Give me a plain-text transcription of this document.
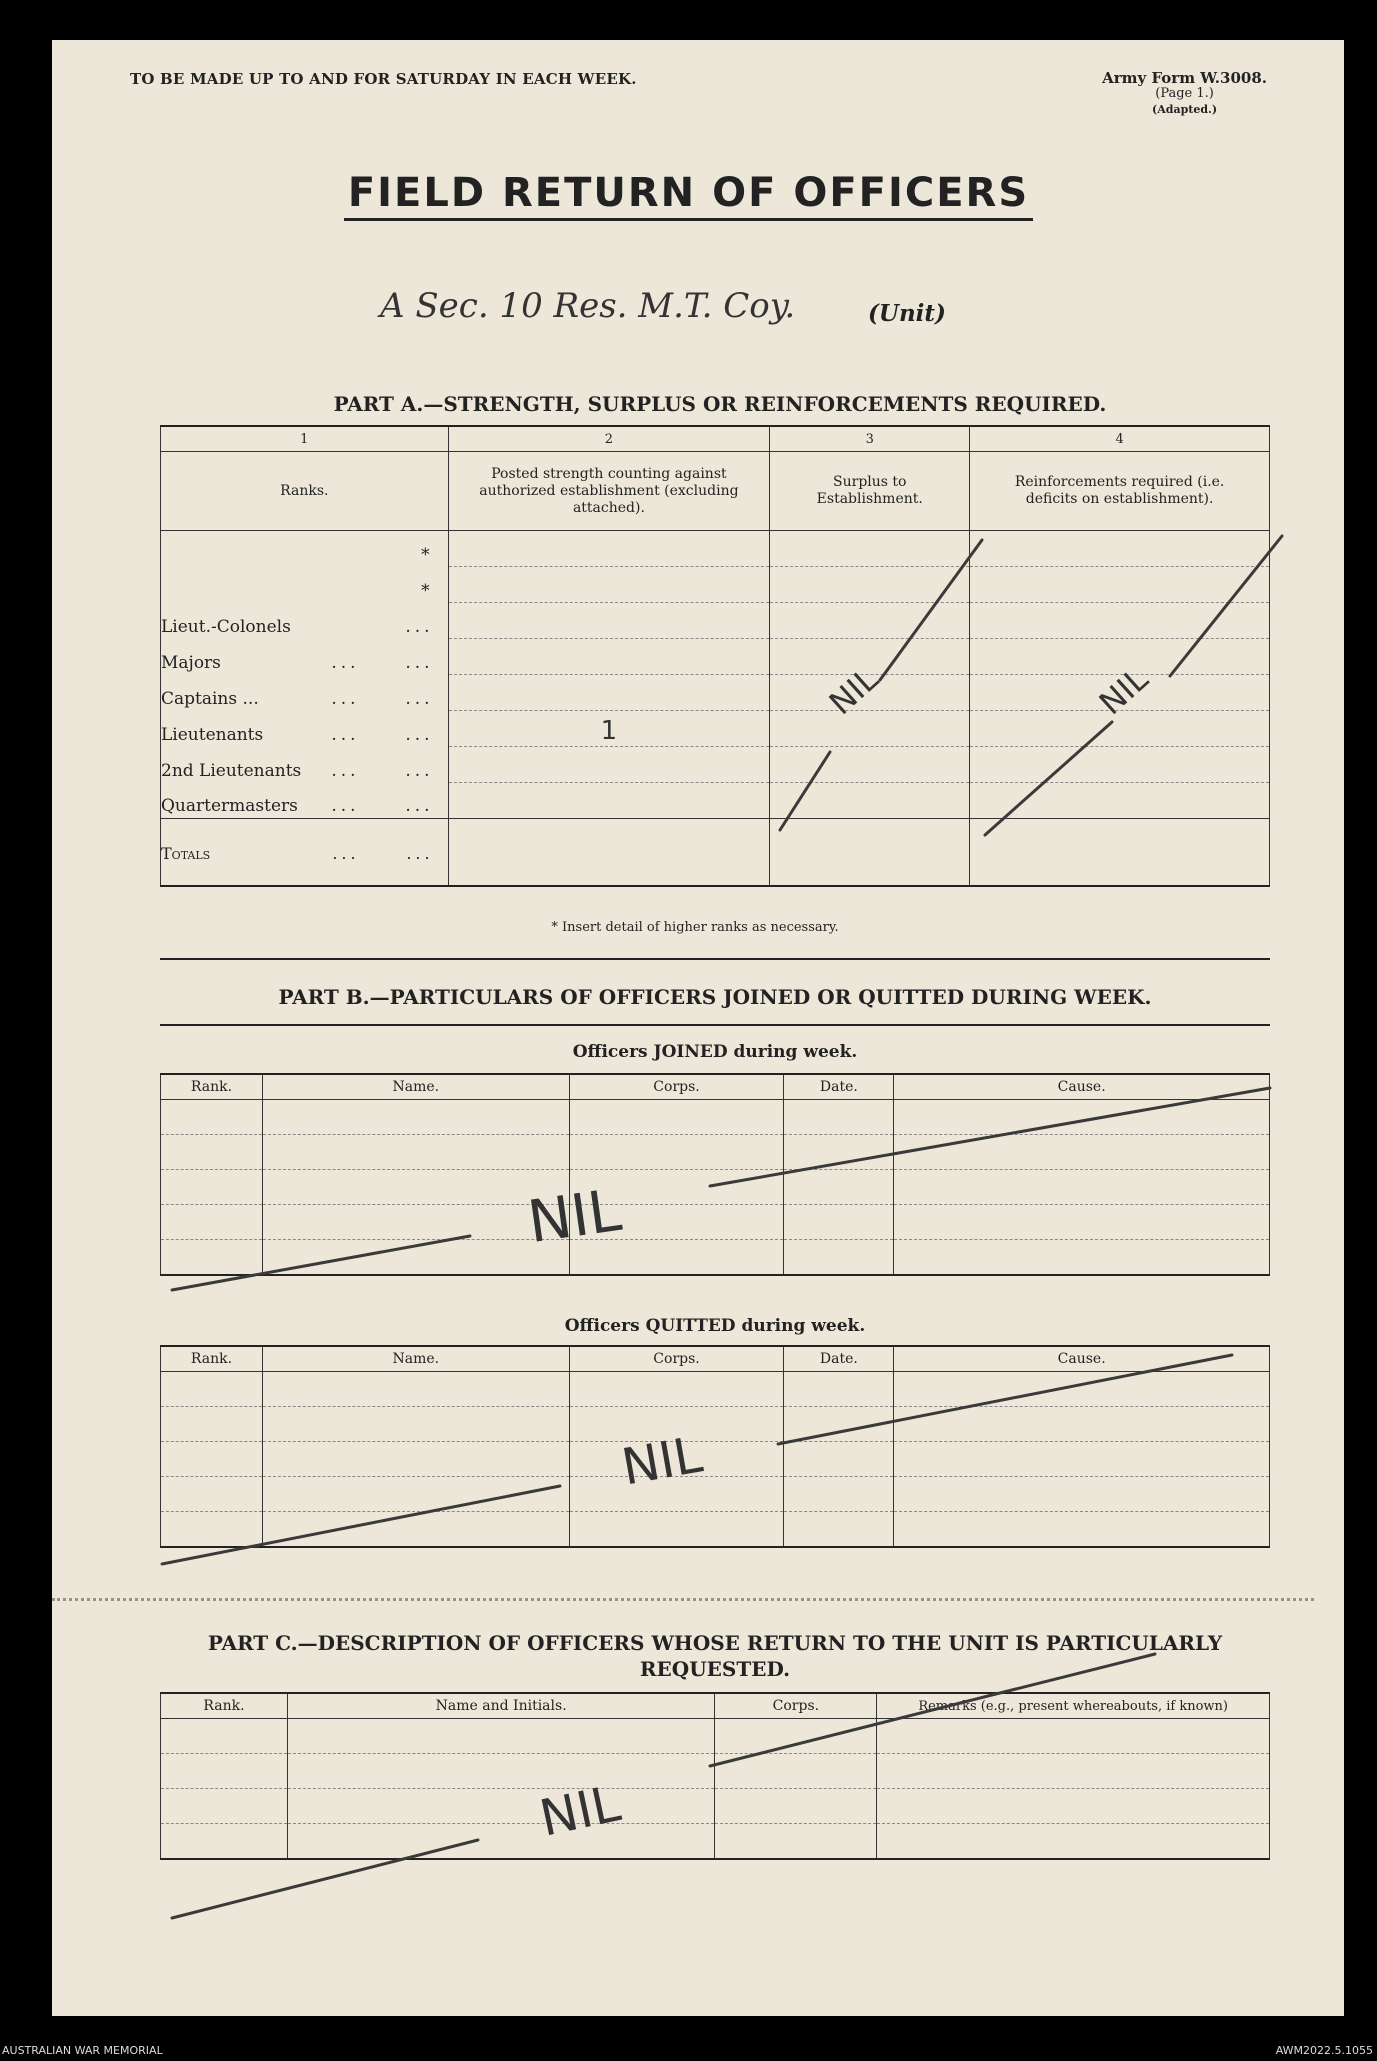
TO BE MADE UP TO AND FOR SATURDAY IN EACH WEEK.	Army Form W.3008.
(Page 1.)
(Adapted.)
FIELD RETURN OF OFFICERS
A Sec. 10 Res. M.T. Coy.	(Unit)
PART A.—STRENGTH, SURPLUS OR REINFORCEMENTS REQUIRED.
1	2	3	4
Ranks.	Posted strength counting against authorized establishment (excluding attached).	Surplus to Establishment.	Reinforcements required (i.e. deficits on establishment).

*			

*			

Lieut.-Colonels ...			

Majors ... ...			

Captains ... ... ...			

Lieutenants ... ...	1		

2nd Lieutenants ... ...			

Quartermasters ... ...			

Totals ... ...			

* Insert detail of higher ranks as necessary.
PART B.—PARTICULARS OF OFFICERS JOINED OR QUITTED DURING WEEK.
Officers JOINED during week.
Rank.	Name.	Corps.	Date.	Cause.

Officers QUITTED during week.
Rank.	Name.	Corps.	Date.	Cause.

PART C.—DESCRIPTION OF OFFICERS WHOSE RETURN TO THE UNIT IS PARTICULARLY
REQUESTED.
Rank.	Name and Initials.	Corps.	Remarks (e.g., present whereabouts, if known)

NIL	NIL
NIL
NIL
NIL
AUSTRALIAN WAR MEMORIAL	AWM2022.5.1055
